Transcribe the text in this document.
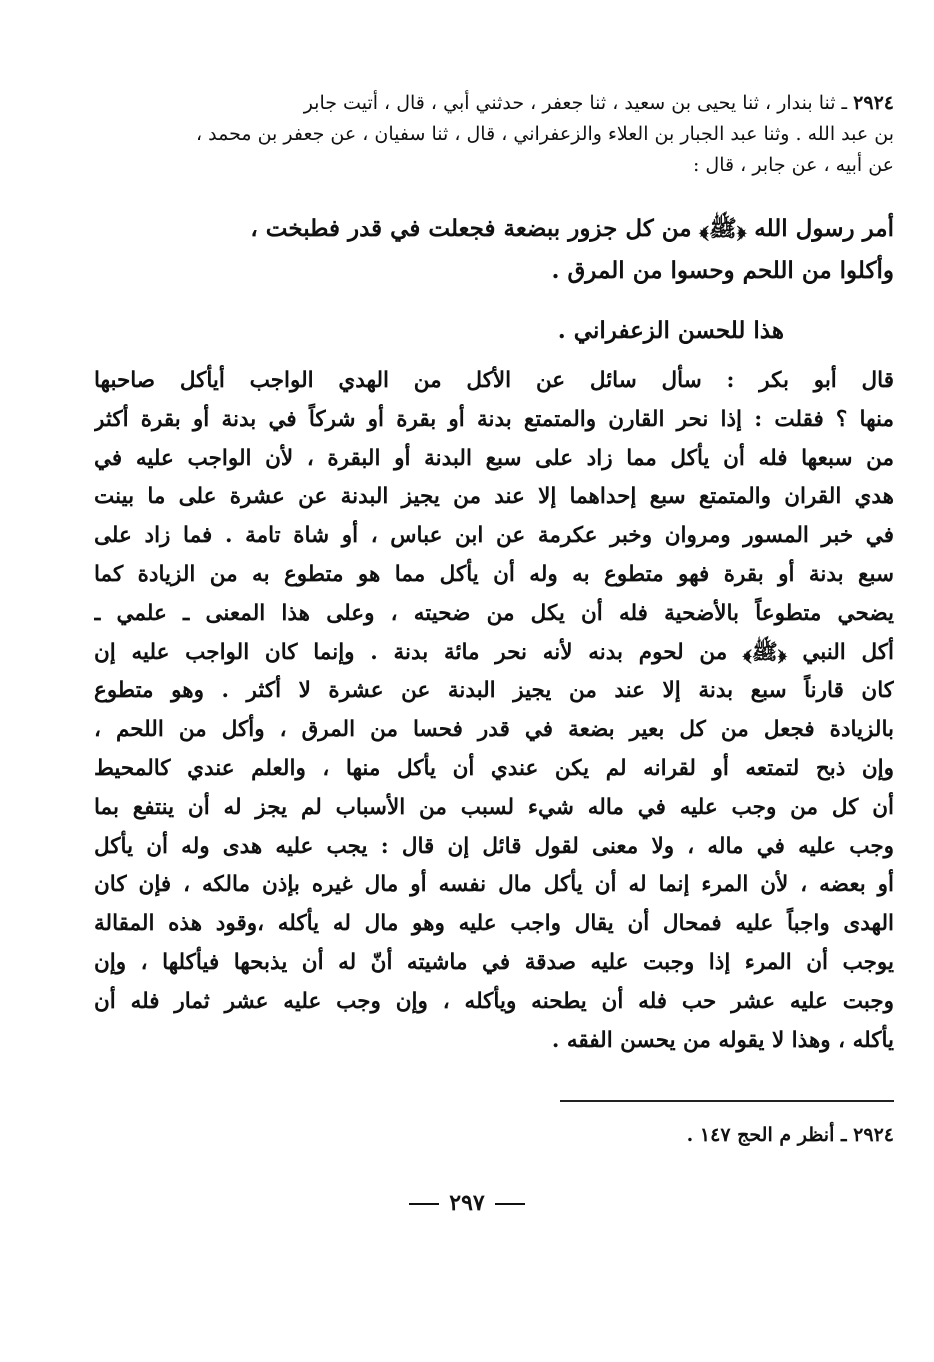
٢٩٢٤ ـ ثنا بندار ، ثنا يحيى بن سعيد ، ثنا جعفر ، حدثني أبي ، قال ، أتيت جابر
بن عبد الله . وثنا عبد الجبار بن العلاء والزعفراني ، قال ، ثنا سفيان ، عن جعفر بن محمد ،
عن أبيه ، عن جابر ، قال :
أمر رسول الله ﴿ﷺ﴾ من كل جزور ببضعة فجعلت في قدر فطبخت ،
وأكلوا من اللحم وحسوا من المرق .
هذا للحسن الزعفراني .
قال أبو بكر : سأل سائل عن الأكل من الهدي الواجب أيأكل صاحبها
منها ؟ فقلت : إذا نحر القارن والمتمتع بدنة أو بقرة أو شركاً في بدنة أو بقرة أكثر
من سبعها فله أن يأكل مما زاد على سبع البدنة أو البقرة ، لأن الواجب عليه في
هدي القران والمتمتع سبع إحداهما إلا عند من يجيز البدنة عن عشرة على ما بينت
في خبر المسور ومروان وخبر عكرمة عن ابن عباس ، أو شاة تامة . فما زاد على
سبع بدنة أو بقرة فهو متطوع به وله أن يأكل مما هو متطوع به من الزيادة كما
يضحي متطوعاً بالأضحية فله أن يكل من ضحيته ، وعلى هذا المعنى ـ علمي ـ
أكل النبي ﴿ﷺ﴾ من لحوم بدنه لأنه نحر مائة بدنة . وإنما كان الواجب عليه إن
كان قارناً سبع بدنة إلا عند من يجيز البدنة عن عشرة لا أكثر . وهو متطوع
بالزيادة فجعل من كل بعير بضعة في قدر فحسا من المرق ، وأكل من اللحم ،
وإن ذبح لتمتعه أو لقرانه لم يكن عندي أن يأكل منها ، والعلم عندي كالمحيط
أن كل من وجب عليه في ماله شيء لسبب من الأسباب لم يجز له أن ينتفع بما
وجب عليه في ماله ، ولا معنى لقول قائل إن قال : يجب عليه هدى وله أن يأكل
أو بعضه ، لأن المرء إنما له أن يأكل مال نفسه أو مال غيره بإذن مالكه ، فإن كان
الهدى واجباً عليه فمحال أن يقال واجب عليه وهو مال له يأكله ،وقود هذه المقالة
يوجب أن المرء إذا وجبت عليه صدقة في ماشيته أنّ له أن يذبحها فيأكلها ، وإن
وجبت عليه عشر حب فله أن يطحنه ويأكله ، وإن وجب عليه عشر ثمار فله أن
يأكله ، وهذا لا يقوله من يحسن الفقه .
٢٩٢٤ ـ أنظر م الحج ١٤٧ .
٢٩٧
